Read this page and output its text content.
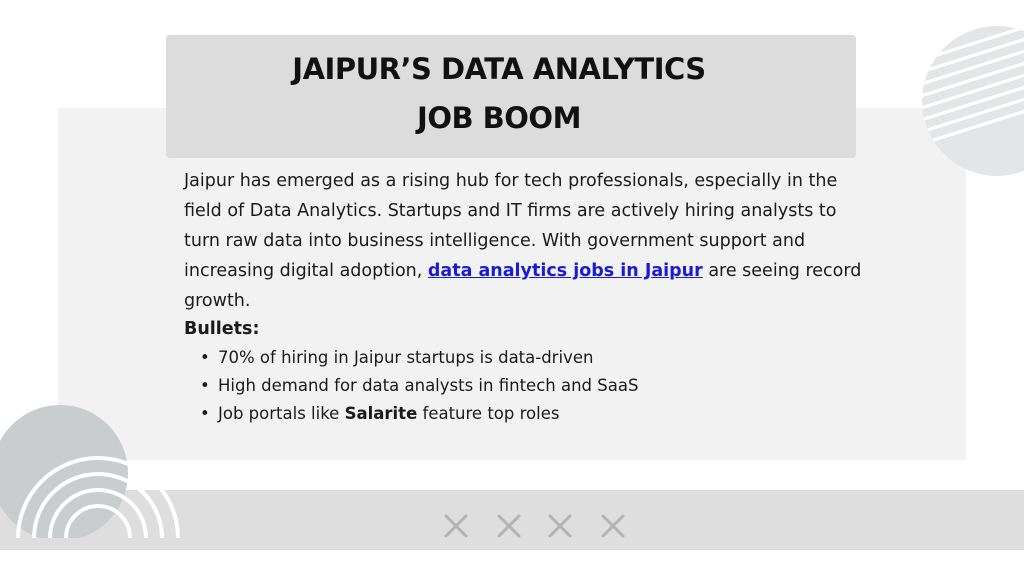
JAIPUR’S DATA ANALYTICS
JOB BOOM

Jaipur has emerged as a rising hub for tech professionals, especially in the field of Data Analytics. Startups and IT firms are actively hiring analysts to turn raw data into business intelligence. With government support and increasing digital adoption, data analytics jobs in Jaipur are seeing record growth.

Bullets:

• 70% of hiring in Jaipur startups is data-driven
• High demand for data analysts in fintech and SaaS
• Job portals like Salarite feature top roles
